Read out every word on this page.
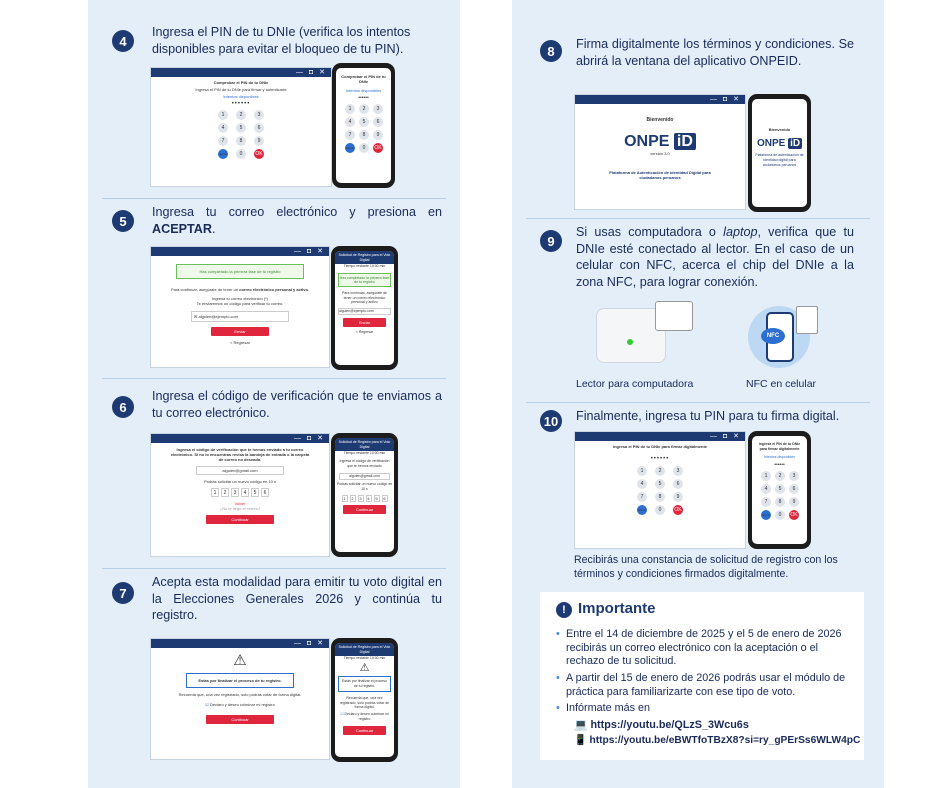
4
Ingresa el PIN de tu DNIe (verifica los intentos disponibles para evitar el bloqueo de tu PIN).
— ◘ ✕
Comprobar el PIN de tu DNIe
Ingresa el PIN de tu DNIe para firmar y autenticarte
Intentos disponibles
••••••
1	2	3
4	5	6
7	8	9
borrar	0	OK
Comprobar el PIN de tu DNIe
Intentos disponibles
••••••
1	2	3
4	5	6
7	8	9
borrar	0	OK
5
Ingresa tu correo electrónico y presiona en ACEPTAR.
— ◘ ✕
Has completado la primera fase de tu registro
Para continuar, asegúrate de tener un correo electrónico personal y activo.
Ingresa tu correo electrónico (*)
Te enviaremos un código para verificar tu correo.
✉ alguien@ejemplo.com
Enviar
< Regresar
Solicitud de Registro para el Voto Digital
Tiempo restante 10:00 min
Has completado la primera fase de tu registro
Para continuar, asegúrate de tener un correo electrónico personal y activo
alguien@ejemplo.com
Enviar
< Regresar
6
Ingresa el código de verificación que te enviamos a tu correo electrónico.
— ◘ ✕
Ingresa el código de verificación que te hemos enviado a tu correo electrónico. Si no lo encuentras revisa la bandeja de entrada o la carpeta de correo no deseado.
alguien@gmail.com
Podrás solicitar un nuevo código en 10 s
1 2 3 4 5 6
Volver
¿No te llegó el correo?
Continuar
Solicitud de Registro para el Voto Digital
Tiempo restante 10:00 min
Ingresa el código de verificación que te hemos enviado
alguien@gmail.com
Podrás solicitar un nuevo código en 10 s
1 2 3 4 5 6
Continuar
7
Acepta esta modalidad para emitir tu voto digital en la Elecciones Generales 2026 y continúa tu registro.
— ◘ ✕
⚠
Estás por finalizar el proceso de tu registro.
Recuerda que, una vez registrado, solo podrás votar de forma digital.
☑ Declaro y deseo culminar mi registro
Continuar
Solicitud de Registro para el Voto Digital
Tiempo restante 10:00 min
⚠
Estás por finalizar el proceso de tu registro.
Recuerda que, una vez registrado, solo podrás votar de forma digital.
☑ Declaro y deseo culminar mi registro
Continuar
8	Firma digitalmente los términos y condiciones. Se abrirá la ventana del aplicativo ONPEID.
— ◘ ✕
Bienvenido
ONPE iD
versión 3.0
Plataforma de Autenticación de Identidad Digital para ciudadanos peruanos
Bienvenido
ONPE iD
Plataforma de autenticación de identidad digital para ciudadanos peruanos
9
Si usas computadora o laptop, verifica que tu DNIe esté conectado al lector. En el caso de un celular con NFC, acerca el chip del DNIe a la zona NFC, para lograr conexión.
NFC
Lector para computadora	NFC en celular
10 Finalmente, ingresa tu PIN para tu firma digital.
— ◘ ✕
Ingresa el PIN de tu DNIe para firmar digitalmente
••••••
1	2	3
4	5	6
7	8	9
borrar	0	OK
Ingresa el PIN de tu DNIe para firmar digitalmente
Intentos disponibles
••••••
1	2	3
4	5	6
7	8	9
borrar	0	OK
Recibirás una constancia de solicitud de registro con los términos y condiciones firmados digitalmente.
! Importante
• Entre el 14 de diciembre de 2025 y el 5 de enero de 2026 recibirás un correo electrónico con la aceptación o el rechazo de tu solicitud.
• A partir del 15 de enero de 2026 podrás usar el módulo de práctica para familiarizarte con ese tipo de voto.
• Infórmate más en
💻 https://youtu.be/QLzS_3Wcu6s
📱 https://youtu.be/eBWTfoTBzX8?si=ry_gPErSs6WLW4pC
